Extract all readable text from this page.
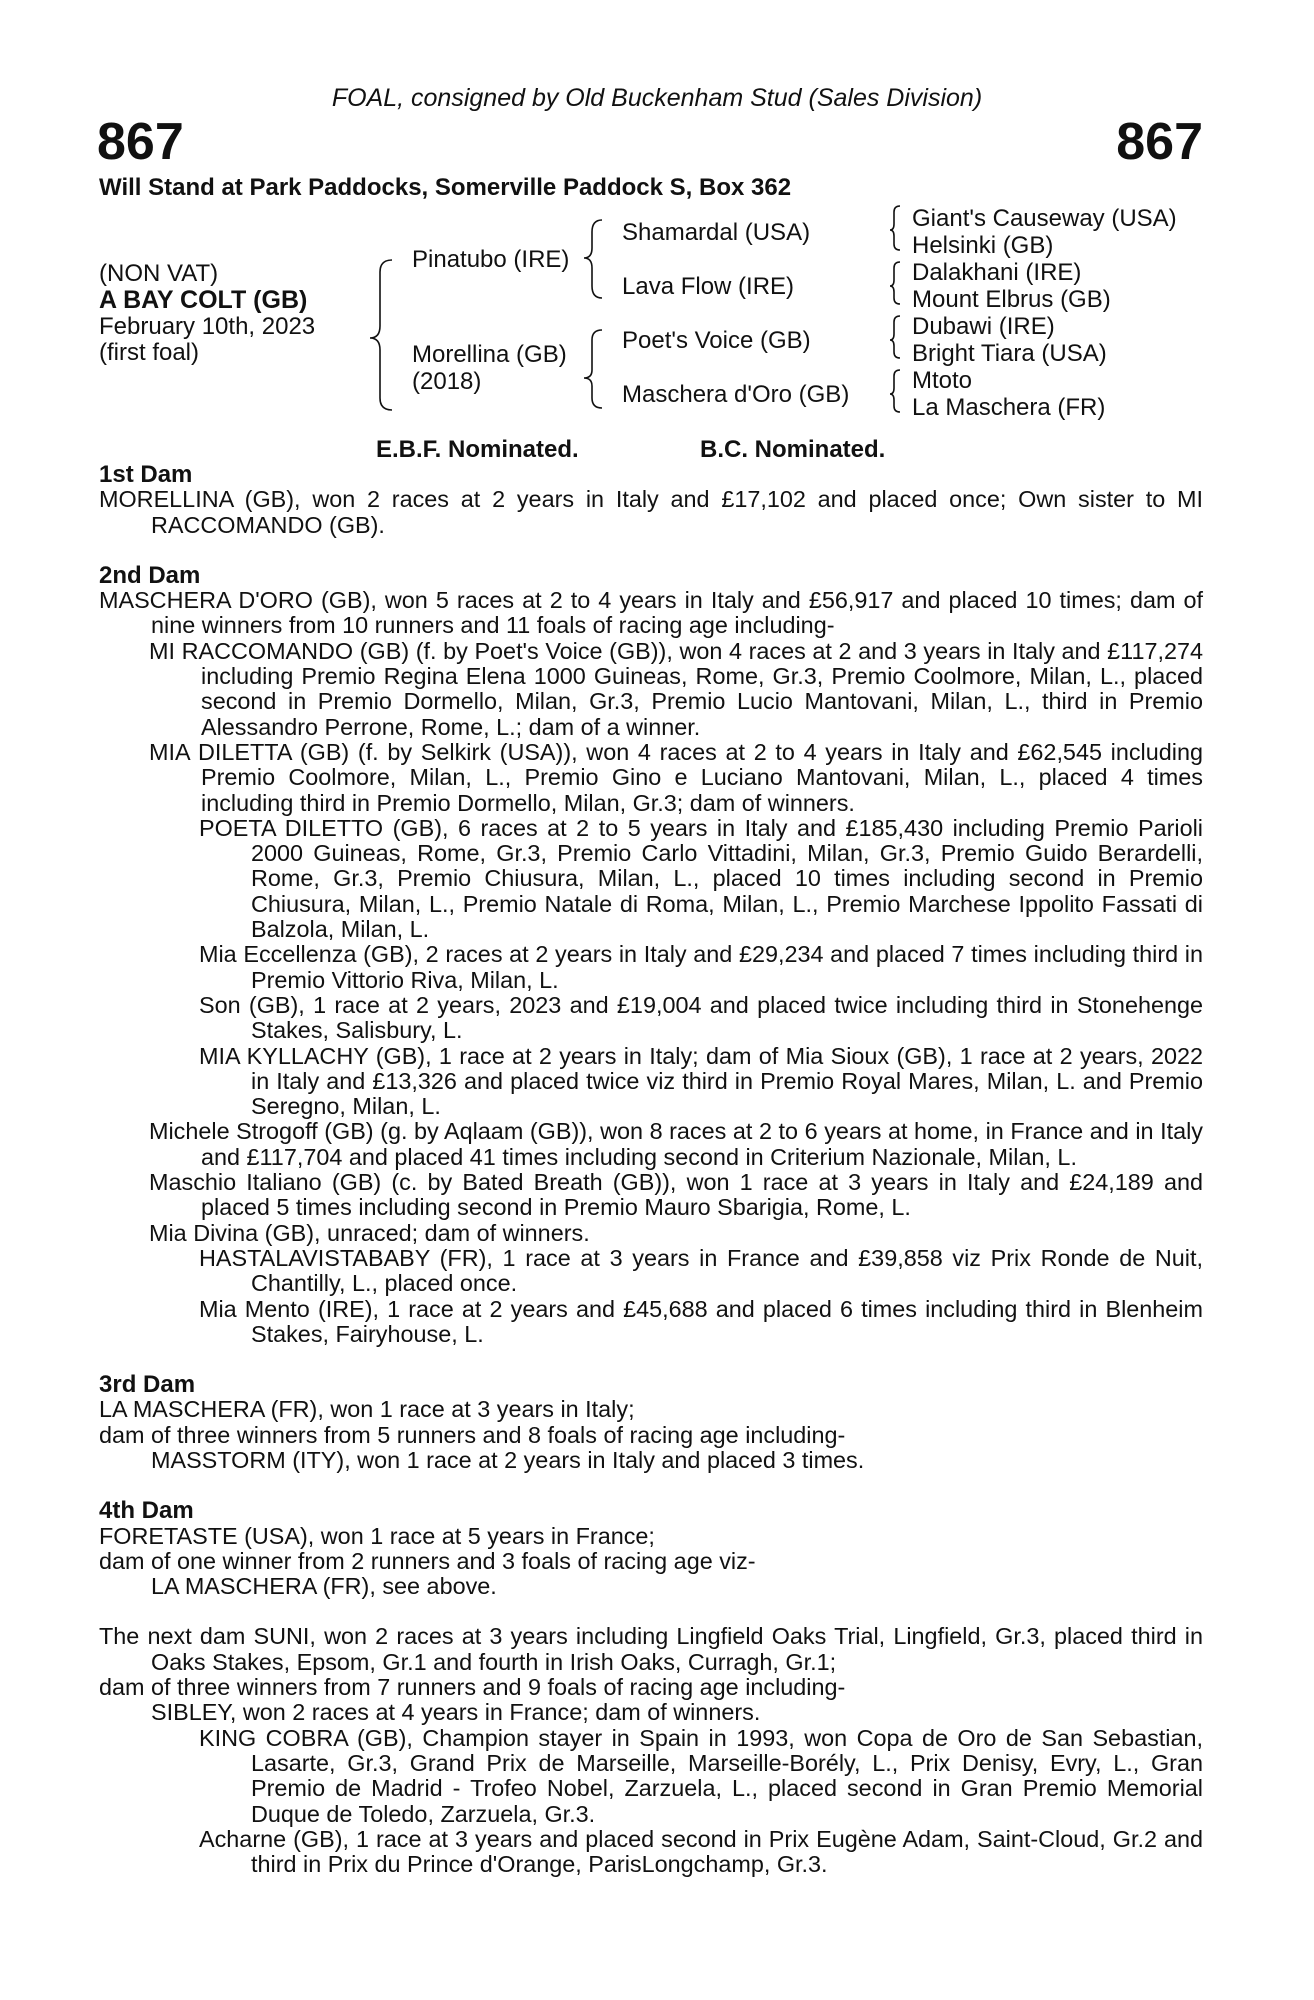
FOAL, consigned by Old Buckenham Stud (Sales Division)
867	867
Will Stand at Park Paddocks, Somerville Paddock S, Box 362
(NON VAT)
A BAY COLT (GB)
February 10th, 2023
(first foal)
Pinatubo (IRE)
Morellina (GB)
(2018)
Shamardal (USA)
Lava Flow (IRE)
Poet's Voice (GB)
Maschera d'Oro (GB)
Giant's Causeway (USA)
Helsinki (GB)
Dalakhani (IRE)
Mount Elbrus (GB)
Dubawi (IRE)
Bright Tiara (USA)
Mtoto
La Maschera (FR)
E.B.F. Nominated.	B.C. Nominated.

1st Dam

MORELLINA (GB), won 2 races at 2 years in Italy and £17,102 and placed once; Own sister to MI RACCOMANDO (GB).

2nd Dam

MASCHERA D'ORO (GB), won 5 races at 2 to 4 years in Italy and £56,917 and placed 10 times; dam of nine winners from 10 runners and 11 foals of racing age including-

MI RACCOMANDO (GB) (f. by Poet's Voice (GB)), won 4 races at 2 and 3 years in Italy and £117,274 including Premio Regina Elena 1000 Guineas, Rome, Gr.3, Premio Coolmore, Milan, L., placed second in Premio Dormello, Milan, Gr.3, Premio Lucio Mantovani, Milan, L., third in Premio Alessandro Perrone, Rome, L.; dam of a winner.

MIA DILETTA (GB) (f. by Selkirk (USA)), won 4 races at 2 to 4 years in Italy and £62,545 including Premio Coolmore, Milan, L., Premio Gino e Luciano Mantovani, Milan, L., placed 4 times including third in Premio Dormello, Milan, Gr.3; dam of winners.

POETA DILETTO (GB), 6 races at 2 to 5 years in Italy and £185,430 including Premio Parioli 2000 Guineas, Rome, Gr.3, Premio Carlo Vittadini, Milan, Gr.3, Premio Guido Berardelli, Rome, Gr.3, Premio Chiusura, Milan, L., placed 10 times including second in Premio Chiusura, Milan, L., Premio Natale di Roma, Milan, L., Premio Marchese Ippolito Fassati di Balzola, Milan, L.

Mia Eccellenza (GB), 2 races at 2 years in Italy and £29,234 and placed 7 times including third in Premio Vittorio Riva, Milan, L.

Son (GB), 1 race at 2 years, 2023 and £19,004 and placed twice including third in Stonehenge Stakes, Salisbury, L.

MIA KYLLACHY (GB), 1 race at 2 years in Italy; dam of Mia Sioux (GB), 1 race at 2 years, 2022 in Italy and £13,326 and placed twice viz third in Premio Royal Mares, Milan, L. and Premio Seregno, Milan, L.

Michele Strogoff (GB) (g. by Aqlaam (GB)), won 8 races at 2 to 6 years at home, in France and in Italy and £117,704 and placed 41 times including second in Criterium Nazionale, Milan, L.

Maschio Italiano (GB) (c. by Bated Breath (GB)), won 1 race at 3 years in Italy and £24,189 and placed 5 times including second in Premio Mauro Sbarigia, Rome, L.

Mia Divina (GB), unraced; dam of winners.

HASTALAVISTABABY (FR), 1 race at 3 years in France and £39,858 viz Prix Ronde de Nuit, Chantilly, L., placed once.

Mia Mento (IRE), 1 race at 2 years and £45,688 and placed 6 times including third in Blenheim Stakes, Fairyhouse, L.

3rd Dam

LA MASCHERA (FR), won 1 race at 3 years in Italy;

dam of three winners from 5 runners and 8 foals of racing age including-

MASSTORM (ITY), won 1 race at 2 years in Italy and placed 3 times.

4th Dam

FORETASTE (USA), won 1 race at 5 years in France;

dam of one winner from 2 runners and 3 foals of racing age viz-

LA MASCHERA (FR), see above.

The next dam SUNI, won 2 races at 3 years including Lingfield Oaks Trial, Lingfield, Gr.3, placed third in Oaks Stakes, Epsom, Gr.1 and fourth in Irish Oaks, Curragh, Gr.1;

dam of three winners from 7 runners and 9 foals of racing age including-

SIBLEY, won 2 races at 4 years in France; dam of winners.

KING COBRA (GB), Champion stayer in Spain in 1993, won Copa de Oro de San Sebastian, Lasarte, Gr.3, Grand Prix de Marseille, Marseille-Borély, L., Prix Denisy, Evry, L., Gran Premio de Madrid - Trofeo Nobel, Zarzuela, L., placed second in Gran Premio Memorial Duque de Toledo, Zarzuela, Gr.3.

Acharne (GB), 1 race at 3 years and placed second in Prix Eugène Adam, Saint-Cloud, Gr.2 and third in Prix du Prince d'Orange, ParisLongchamp, Gr.3.
